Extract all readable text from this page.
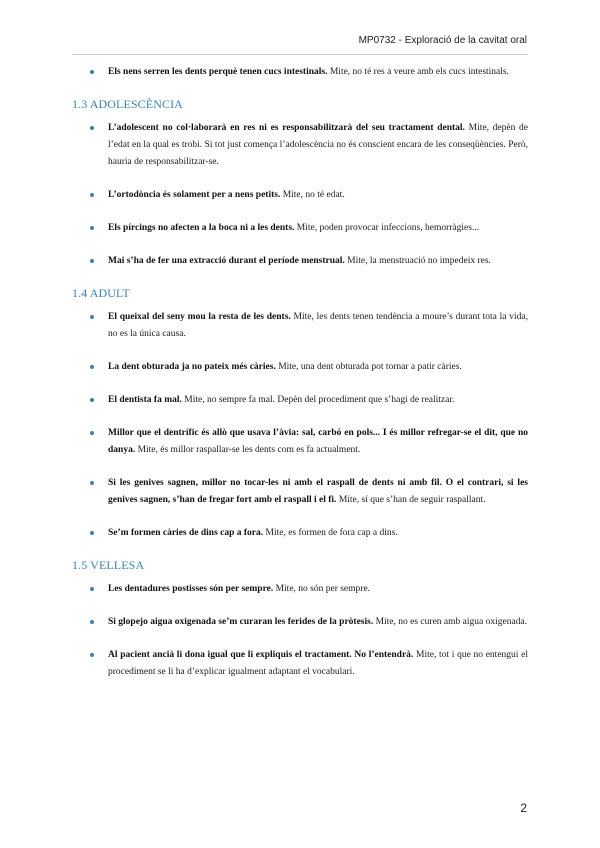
MP0732 - Exploració de la cavitat oral
Els nens serren les dents perquè tenen cucs intestinals. Mite, no té res a veure amb els cucs intestinals.
1.3 ADOLESCÈNCIA
L’adolescent no col·laborarà en res ni es responsabilitzarà del seu tractament dental. Mite, depèn de l’edat en la qual es trobi. Si tot just comença l’adolescència no és conscient encara de les conseqüències. Però, hauria de responsabilitzar-se.
L’ortodòncia és solament per a nens petits. Mite, no té edat.
Els pírcings no afecten a la boca ni a les dents. Mite, poden provocar infeccions, hemorràgies...
Mai s’ha de fer una extracció durant el període menstrual. Mite, la menstruació no impedeix res.
1.4 ADULT
El queixal del seny mou la resta de les dents. Mite, les dents tenen tendència a moure’s durant tota la vida, no es la única causa.
La dent obturada ja no pateix més càries. Mite, una dent obturada pot tornar a patir càries.
El dentista fa mal. Mite, no sempre fa mal. Depèn del procediment que s’hagi de realitzar.
Millor que el dentrífic és allò que usava l’àvia: sal, carbó en pols... I és millor refregar-se el dit, que no danya. Mite, és millor raspallar-se les dents com es fa actualment.
Si les genives sagnen, millor no tocar-les ni amb el raspall de dents ni amb fil. O el contrari, si les genives sagnen, s’han de fregar fort amb el raspall i el fi. Mite, sí que s’han de seguir raspallant.
Se’m formen càries de dins cap a fora. Mite, es formen de fora cap a dins.
1.5 VELLESA
Les dentadures postisses són per sempre. Mite, no són per sempre.
Si glopejo aigua oxigenada se’m curaran les ferides de la pròtesis. Mite, no es curen amb aigua oxigenada.
Al pacient ancià li dona igual que li expliquis el tractament. No l’entendrà. Mite, tot i que no entengui el procediment se li ha d’explicar igualment adaptant el vocabulari.
2
